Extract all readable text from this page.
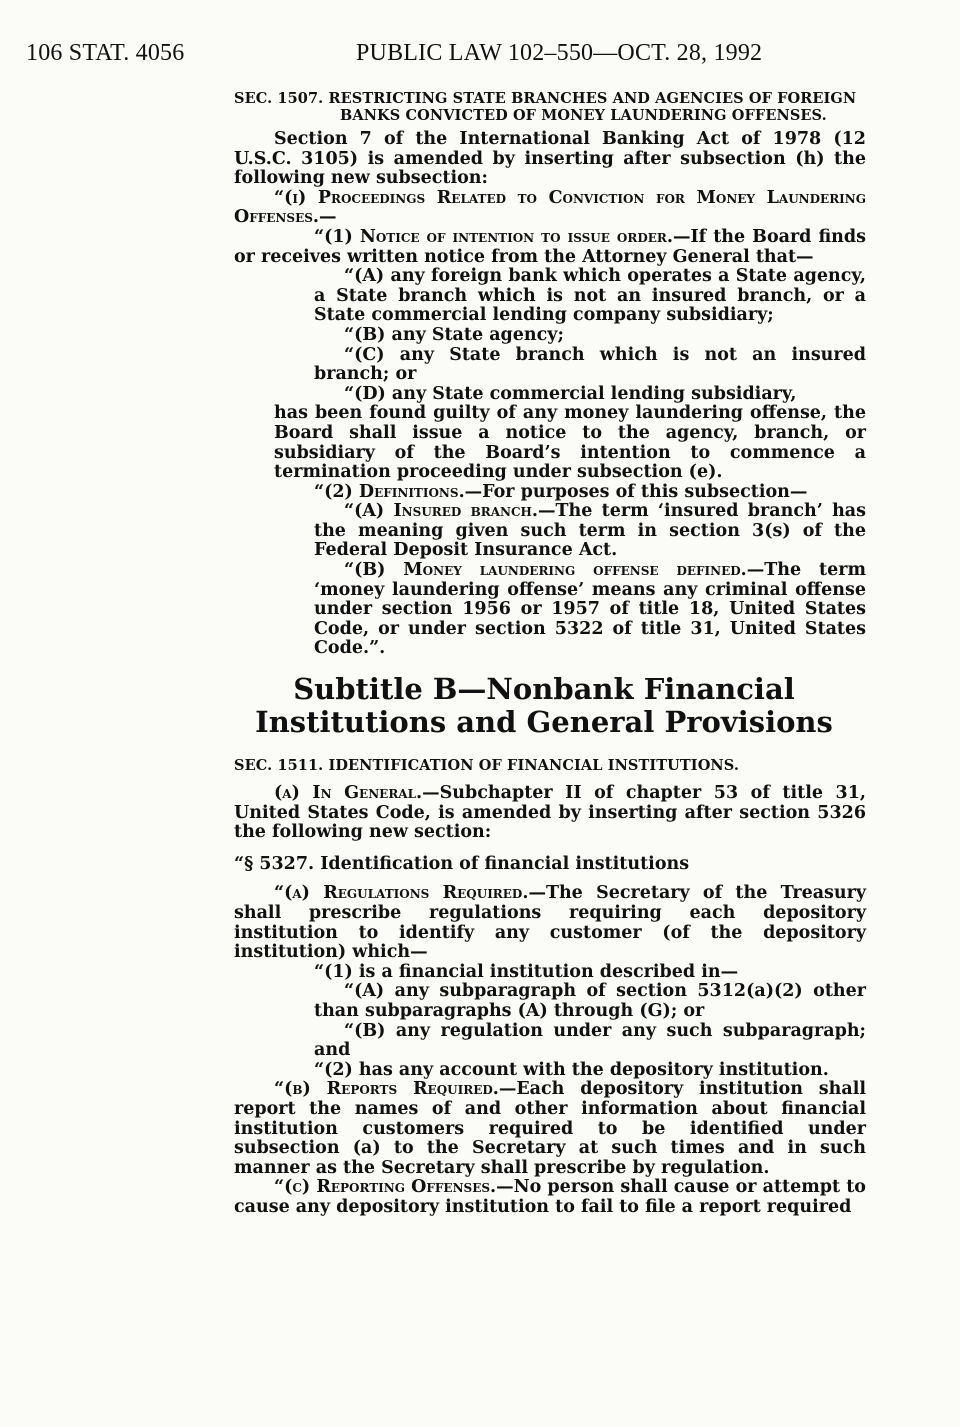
106 STAT. 4056	PUBLIC LAW 102–550—OCT. 28, 1992
SEC. 1507. RESTRICTING STATE BRANCHES AND AGENCIES OF FOREIGN BANKS CONVICTED OF MONEY LAUNDERING OFFENSES.

Section 7 of the International Banking Act of 1978 (12 U.S.C. 3105) is amended by inserting after subsection (h) the following new subsection:

“(i) Proceedings Related to Conviction for Money Laundering Offenses.—

“(1) Notice of intention to issue order.—If the Board finds or receives written notice from the Attorney General that—

“(A) any foreign bank which operates a State agency, a State branch which is not an insured branch, or a State commercial lending company subsidiary;

“(B) any State agency;

“(C) any State branch which is not an insured branch; or

“(D) any State commercial lending subsidiary,

has been found guilty of any money laundering offense, the Board shall issue a notice to the agency, branch, or subsidiary of the Board’s intention to commence a termination proceeding under subsection (e).

“(2) Definitions.—For purposes of this subsection—

“(A) Insured branch.—The term ‘insured branch’ has the meaning given such term in section 3(s) of the Federal Deposit Insurance Act.

“(B) Money laundering offense defined.—The term ‘money laundering offense’ means any criminal offense under section 1956 or 1957 of title 18, United States Code, or under section 5322 of title 31, United States Code.”.

Subtitle B—Nonbank Financial
Institutions and General Provisions
SEC. 1511. IDENTIFICATION OF FINANCIAL INSTITUTIONS.

(a) In General.—Subchapter II of chapter 53 of title 31, United States Code, is amended by inserting after section 5326 the following new section:

“§ 5327. Identification of financial institutions

“(a) Regulations Required.—The Secretary of the Treasury shall prescribe regulations requiring each depository institution to identify any customer (of the depository institution) which—

“(1) is a financial institution described in—

“(A) any subparagraph of section 5312(a)(2) other than subparagraphs (A) through (G); or

“(B) any regulation under any such subparagraph; and

“(2) has any account with the depository institution.

“(b) Reports Required.—Each depository institution shall report the names of and other information about financial institution customers required to be identified under subsection (a) to the Secretary at such times and in such manner as the Secretary shall prescribe by regulation.

“(c) Reporting Offenses.—No person shall cause or attempt to cause any depository institution to fail to file a report required
